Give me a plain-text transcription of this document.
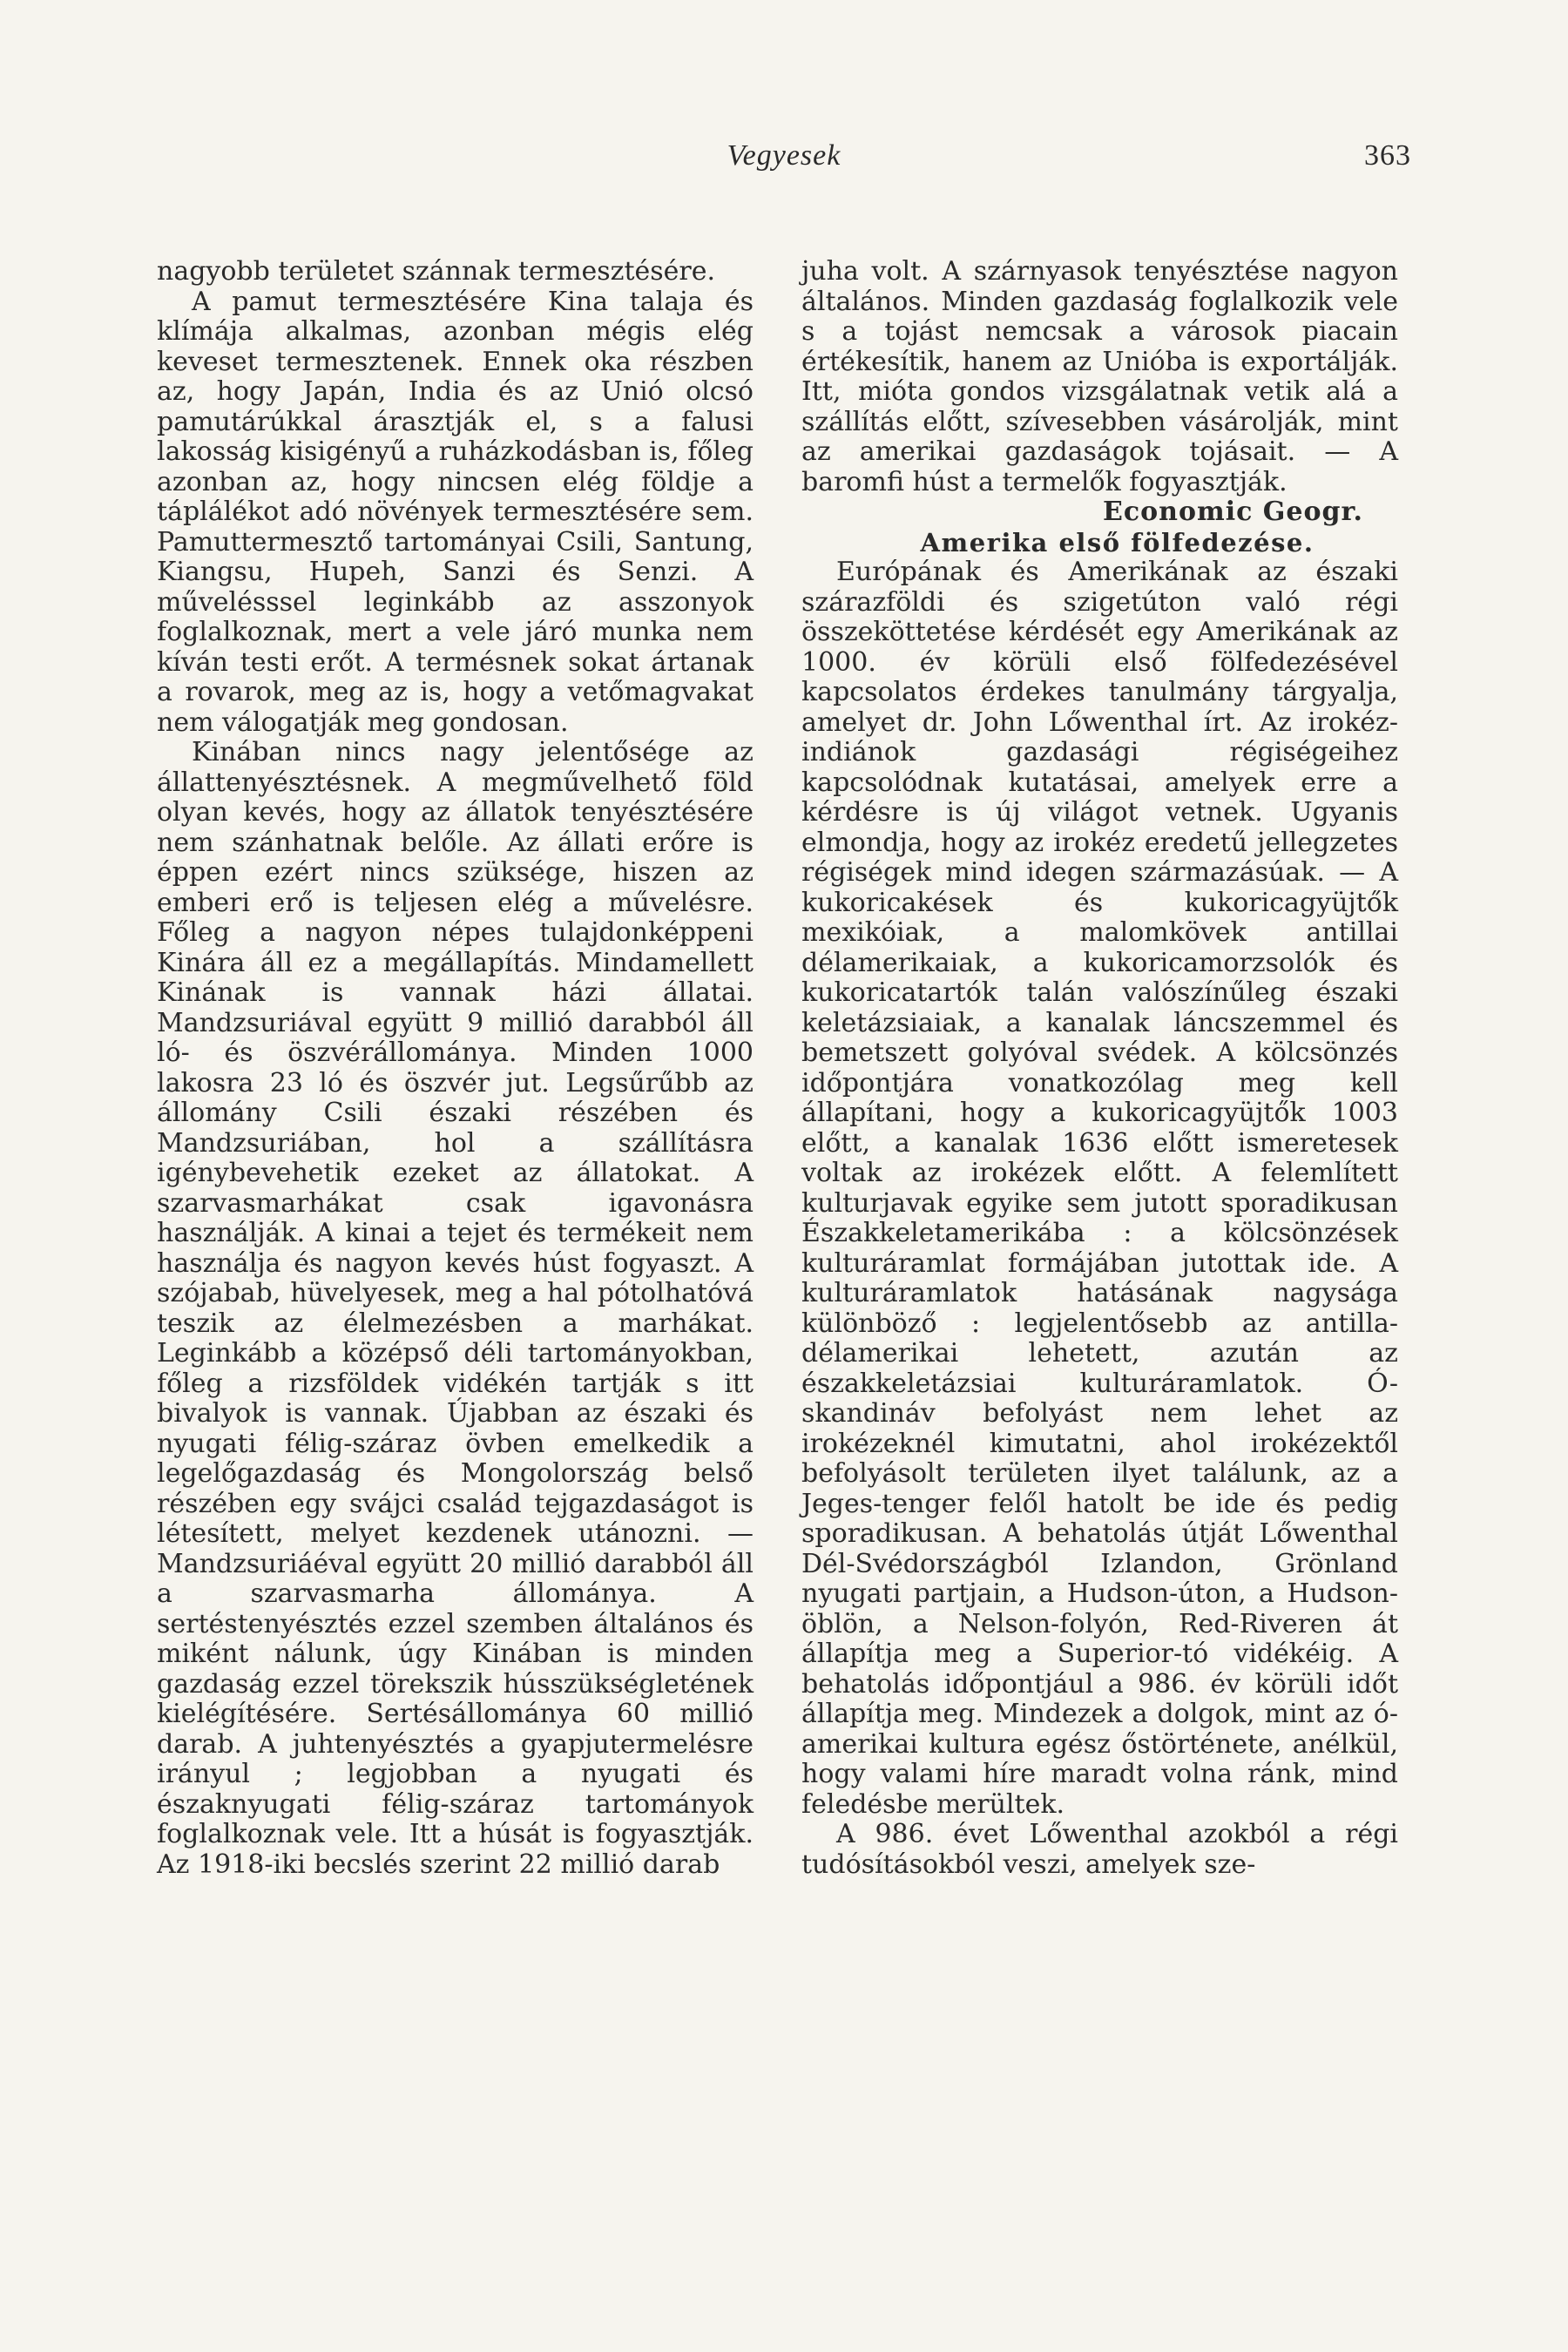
Vegyesek	363

nagyobb területet szánnak termesztésére.

A pamut termesztésére Kina talaja és klímája alkalmas, azonban mégis elég keveset termesztenek. Ennek oka részben az, hogy Japán, India és az Unió olcsó pamutárúkkal árasztják el, s a falusi lakosság kisigényű a ruházkodásban is, főleg azonban az, hogy nincsen elég földje a táplálékot adó növények termesztésére sem. Pamuttermesztő tartományai Csili, Santung, Kiangsu, Hupeh, Sanzi és Senzi. A művelésssel leginkább az asszonyok foglalkoznak, mert a vele járó munka nem kíván testi erőt. A termésnek sokat ártanak a rovarok, meg az is, hogy a vetőmagvakat nem válogatják meg gondosan.

Kinában nincs nagy jelentősége az állattenyésztésnek. A megművelhető föld olyan kevés, hogy az állatok tenyésztésére nem szánhatnak belőle. Az állati erőre is éppen ezért nincs szüksége, hiszen az emberi erő is teljesen elég a művelésre. Főleg a nagyon népes tulajdonképpeni Kinára áll ez a megállapítás. Mindamellett Kinának is vannak házi állatai. Mandzsuriával együtt 9 millió darabból áll ló- és öszvérállománya. Minden 1000 lakosra 23 ló és öszvér jut. Legsűrűbb az állomány Csili északi részében és Mandzsuriában, hol a szállításra igénybevehetik ezeket az állatokat. A szarvasmarhákat csak igavonásra használják. A kinai a tejet és termékeit nem használja és nagyon kevés húst fogyaszt. A szójabab, hüvelyesek, meg a hal pótolhatóvá teszik az élelmezésben a marhákat. Leginkább a középső déli tartományokban, főleg a rizsföldek vidékén tartják s itt bivalyok is vannak. Újabban az északi és nyugati félig-száraz övben emelkedik a legelőgazdaság és Mongolország belső részében egy svájci család tejgazdaságot is létesített, melyet kezdenek utánozni. — Mandzsuriáéval együtt 20 millió darabból áll a szarvasmarha állománya. A sertéstenyésztés ezzel szemben általános és miként nálunk, úgy Kinában is minden gazdaság ezzel törekszik hússzükségletének kielégítésére. Sertésállománya 60 millió darab. A juhtenyésztés a gyapjutermelésre irányul ; legjobban a nyugati és északnyugati félig-száraz tartományok foglalkoznak vele. Itt a húsát is fogyasztják. Az 1918-iki becslés szerint 22 millió darab

juha volt. A szárnyasok tenyésztése nagyon általános. Minden gazdaság foglalkozik vele s a tojást nemcsak a városok piacain értékesítik, hanem az Unióba is exportálják. Itt, mióta gondos vizsgálatnak vetik alá a szállítás előtt, szívesebben vásárolják, mint az amerikai gazdaságok tojásait. — A baromfi húst a termelők fogyasztják.

Economic Geogr.

Amerika első fölfedezése.

Európának és Amerikának az északi szárazföldi és szigetúton való régi összeköttetése kérdését egy Amerikának az 1000. év körüli első fölfedezésével kapcsolatos érdekes tanulmány tárgyalja, amelyet dr. John Lőwenthal írt. Az irokéz-indiánok gazdasági régiségeihez kapcsolódnak kutatásai, amelyek erre a kérdésre is új világot vetnek. Ugyanis elmondja, hogy az irokéz eredetű jellegzetes régiségek mind idegen származásúak. — A kukoricakések és kukoricagyüjtők mexikóiak, a malomkövek antillai délamerikaiak, a kukoricamorzsolók és kukoricatartók talán valószínűleg északi keletázsiaiak, a kanalak láncszemmel és bemetszett golyóval svédek. A kölcsönzés időpontjára vonatkozólag meg kell állapítani, hogy a kukoricagyüjtők 1003 előtt, a kanalak 1636 előtt ismeretesek voltak az irokézek előtt. A felemlített kulturjavak egyike sem jutott sporadikusan Északkeletamerikába : a kölcsönzések kulturáramlat formájában jutottak ide. A kulturáramlatok hatásának nagysága különböző : legjelentősebb az antilla-délamerikai lehetett, azután az északkeletázsiai kulturáramlatok. Ó-skandináv befolyást nem lehet az irokézeknél kimutatni, ahol irokézektől befolyásolt területen ilyet találunk, az a Jeges-tenger felől hatolt be ide és pedig sporadikusan. A behatolás útját Lőwenthal Dél-Svédországból Izlandon, Grönland nyugati partjain, a Hudson-úton, a Hudson-öblön, a Nelson-folyón, Red-Riveren át állapítja meg a Superior-tó vidékéig. A behatolás időpontjául a 986. év körüli időt állapítja meg. Mindezek a dolgok, mint az ó-amerikai kultura egész őstörténete, anélkül, hogy valami híre maradt volna ránk, mind feledésbe merültek.

A 986. évet Lőwenthal azokból a régi tudósításokból veszi, amelyek sze-
